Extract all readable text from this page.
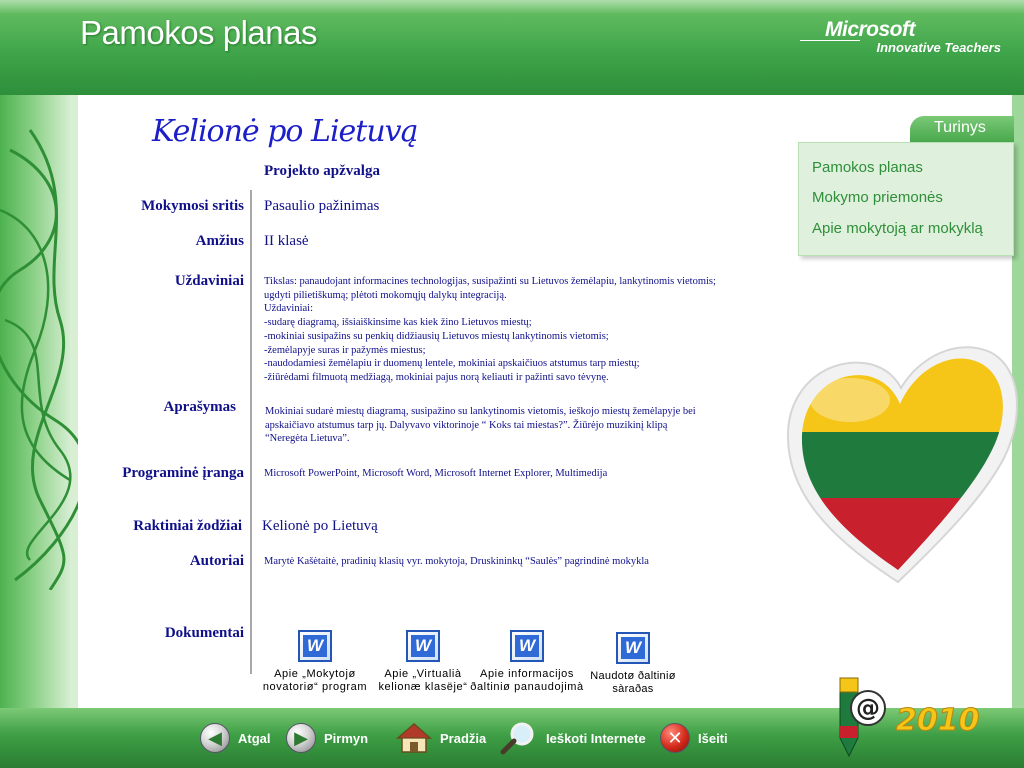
Pamokos planas	Microsoft
Innovative Teachers
Turinys
Pamokos planas
Mokymo priemonės
Apie mokytoją ar mokyklą
Kelionė po Lietuvą
Projekto apžvalga
Mokymosi sritis Pasaulio pažinimas
Amžius II klasė
Uždaviniai Tikslas: panaudojant informacines technologijas, susipažinti su Lietuvos žemėlapiu, lankytinomis vietomis;
ugdyti pilietiškumą; plėtoti mokomųjų dalykų integraciją.
Uždaviniai:
-sudarę diagramą, išsiaiškinsime kas kiek žino Lietuvos miestų;
-mokiniai susipažins su penkių didžiausių Lietuvos miestų lankytinomis vietomis;
-žemėlapyje suras ir pažymės miestus;
-naudodamiesi žemėlapiu ir duomenų lentele, mokiniai apskaičiuos atstumus tarp miestų;
-žiūrėdami filmuotą medžiagą, mokiniai pajus norą keliauti ir pažinti savo tėvynę.
Aprašymas	Mokiniai sudarė miestų diagramą, susipažino su lankytinomis vietomis, ieškojo miestų žemėlapyje bei
apskaičiavo atstumus tarp jų. Dalyvavo viktorinoje “ Koks tai miestas?”. Žiūrėjo muzikinį klipą
“Neregėta Lietuva”.
Programinė įranga Microsoft PowerPoint, Microsoft Word, Microsoft Internet Explorer, Multimedija
Raktiniai žodžiai Kelionė po Lietuvą
Autoriai Marytė Kašėtaitė, pradinių klasių vyr. mokytoja, Druskininkų “Saulės” pagrindinė mokykla
Dokumentai
W
Apie „Mokytojø
novatoriø“ program
W
Apie „Virtualià
kelionæ klasëje“
W
Apie informacijos
ðaltiniø panaudojimà
W
Naudotø ðaltiniø
sàraðas
◀	Atgal	▶	Pirmyn	Pradžia	Ieškoti Internete	✕	Išeiti
@ 2010
